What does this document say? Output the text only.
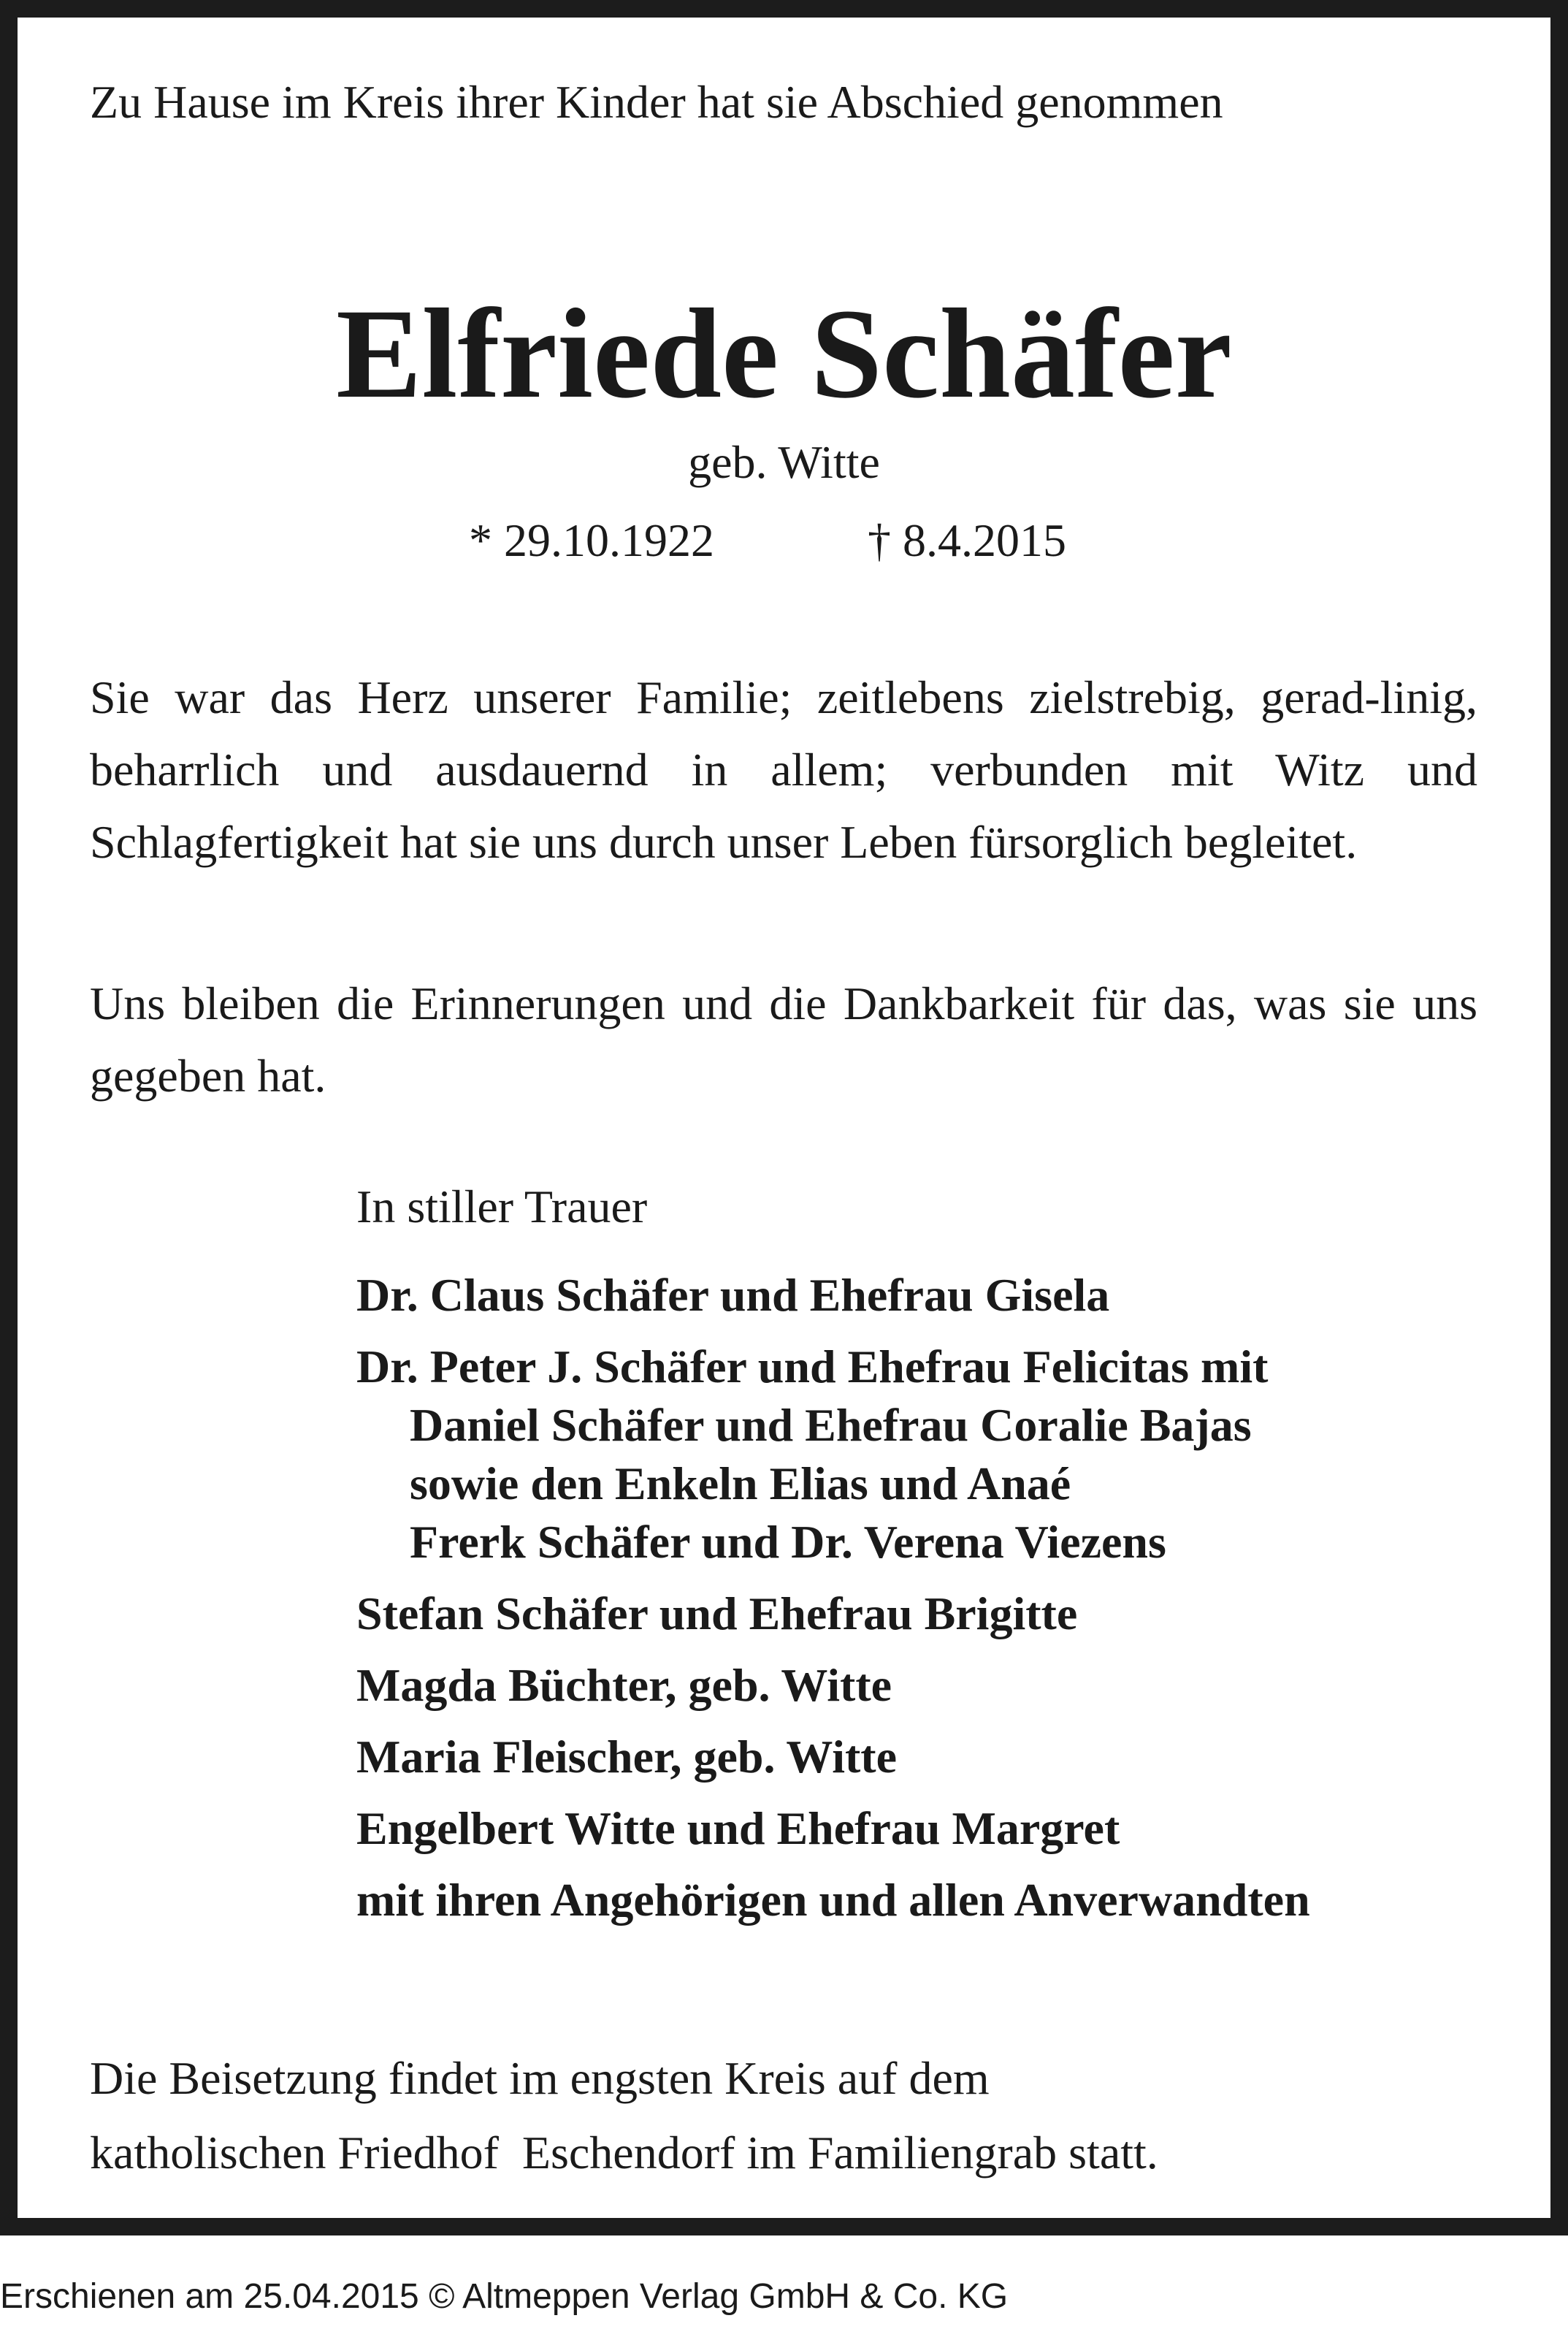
Zu Hause im Kreis ihrer Kinder hat sie Abschied genommen

Elfriede Schäfer

geb. Witte

* 29.10.1922	† 8.4.2015

Sie war das Herz unserer Familie; zeitlebens zielstrebig, gerad-linig, beharrlich und ausdauernd in allem; verbunden mit Witz und Schlagfertigkeit hat sie uns durch unser Leben fürsorglich begleitet.

Uns bleiben die Erinnerungen und die Dankbarkeit für das, was sie uns gegeben hat.

In stiller Trauer

Dr. Claus Schäfer und Ehefrau Gisela
Dr. Peter J. Schäfer und Ehefrau Felicitas mit
Daniel Schäfer und Ehefrau Coralie Bajas
sowie den Enkeln Elias und Anaé
Frerk Schäfer und Dr. Verena Viezens
Stefan Schäfer und Ehefrau Brigitte
Magda Büchter, geb. Witte
Maria Fleischer, geb. Witte
Engelbert Witte und Ehefrau Margret
mit ihren Angehörigen und allen Anverwandten
Die Beisetzung findet im engsten Kreis auf dem
katholischen Friedhof  Eschendorf im Familiengrab statt.

Erschienen am 25.04.2015 © Altmeppen Verlag GmbH & Co. KG
